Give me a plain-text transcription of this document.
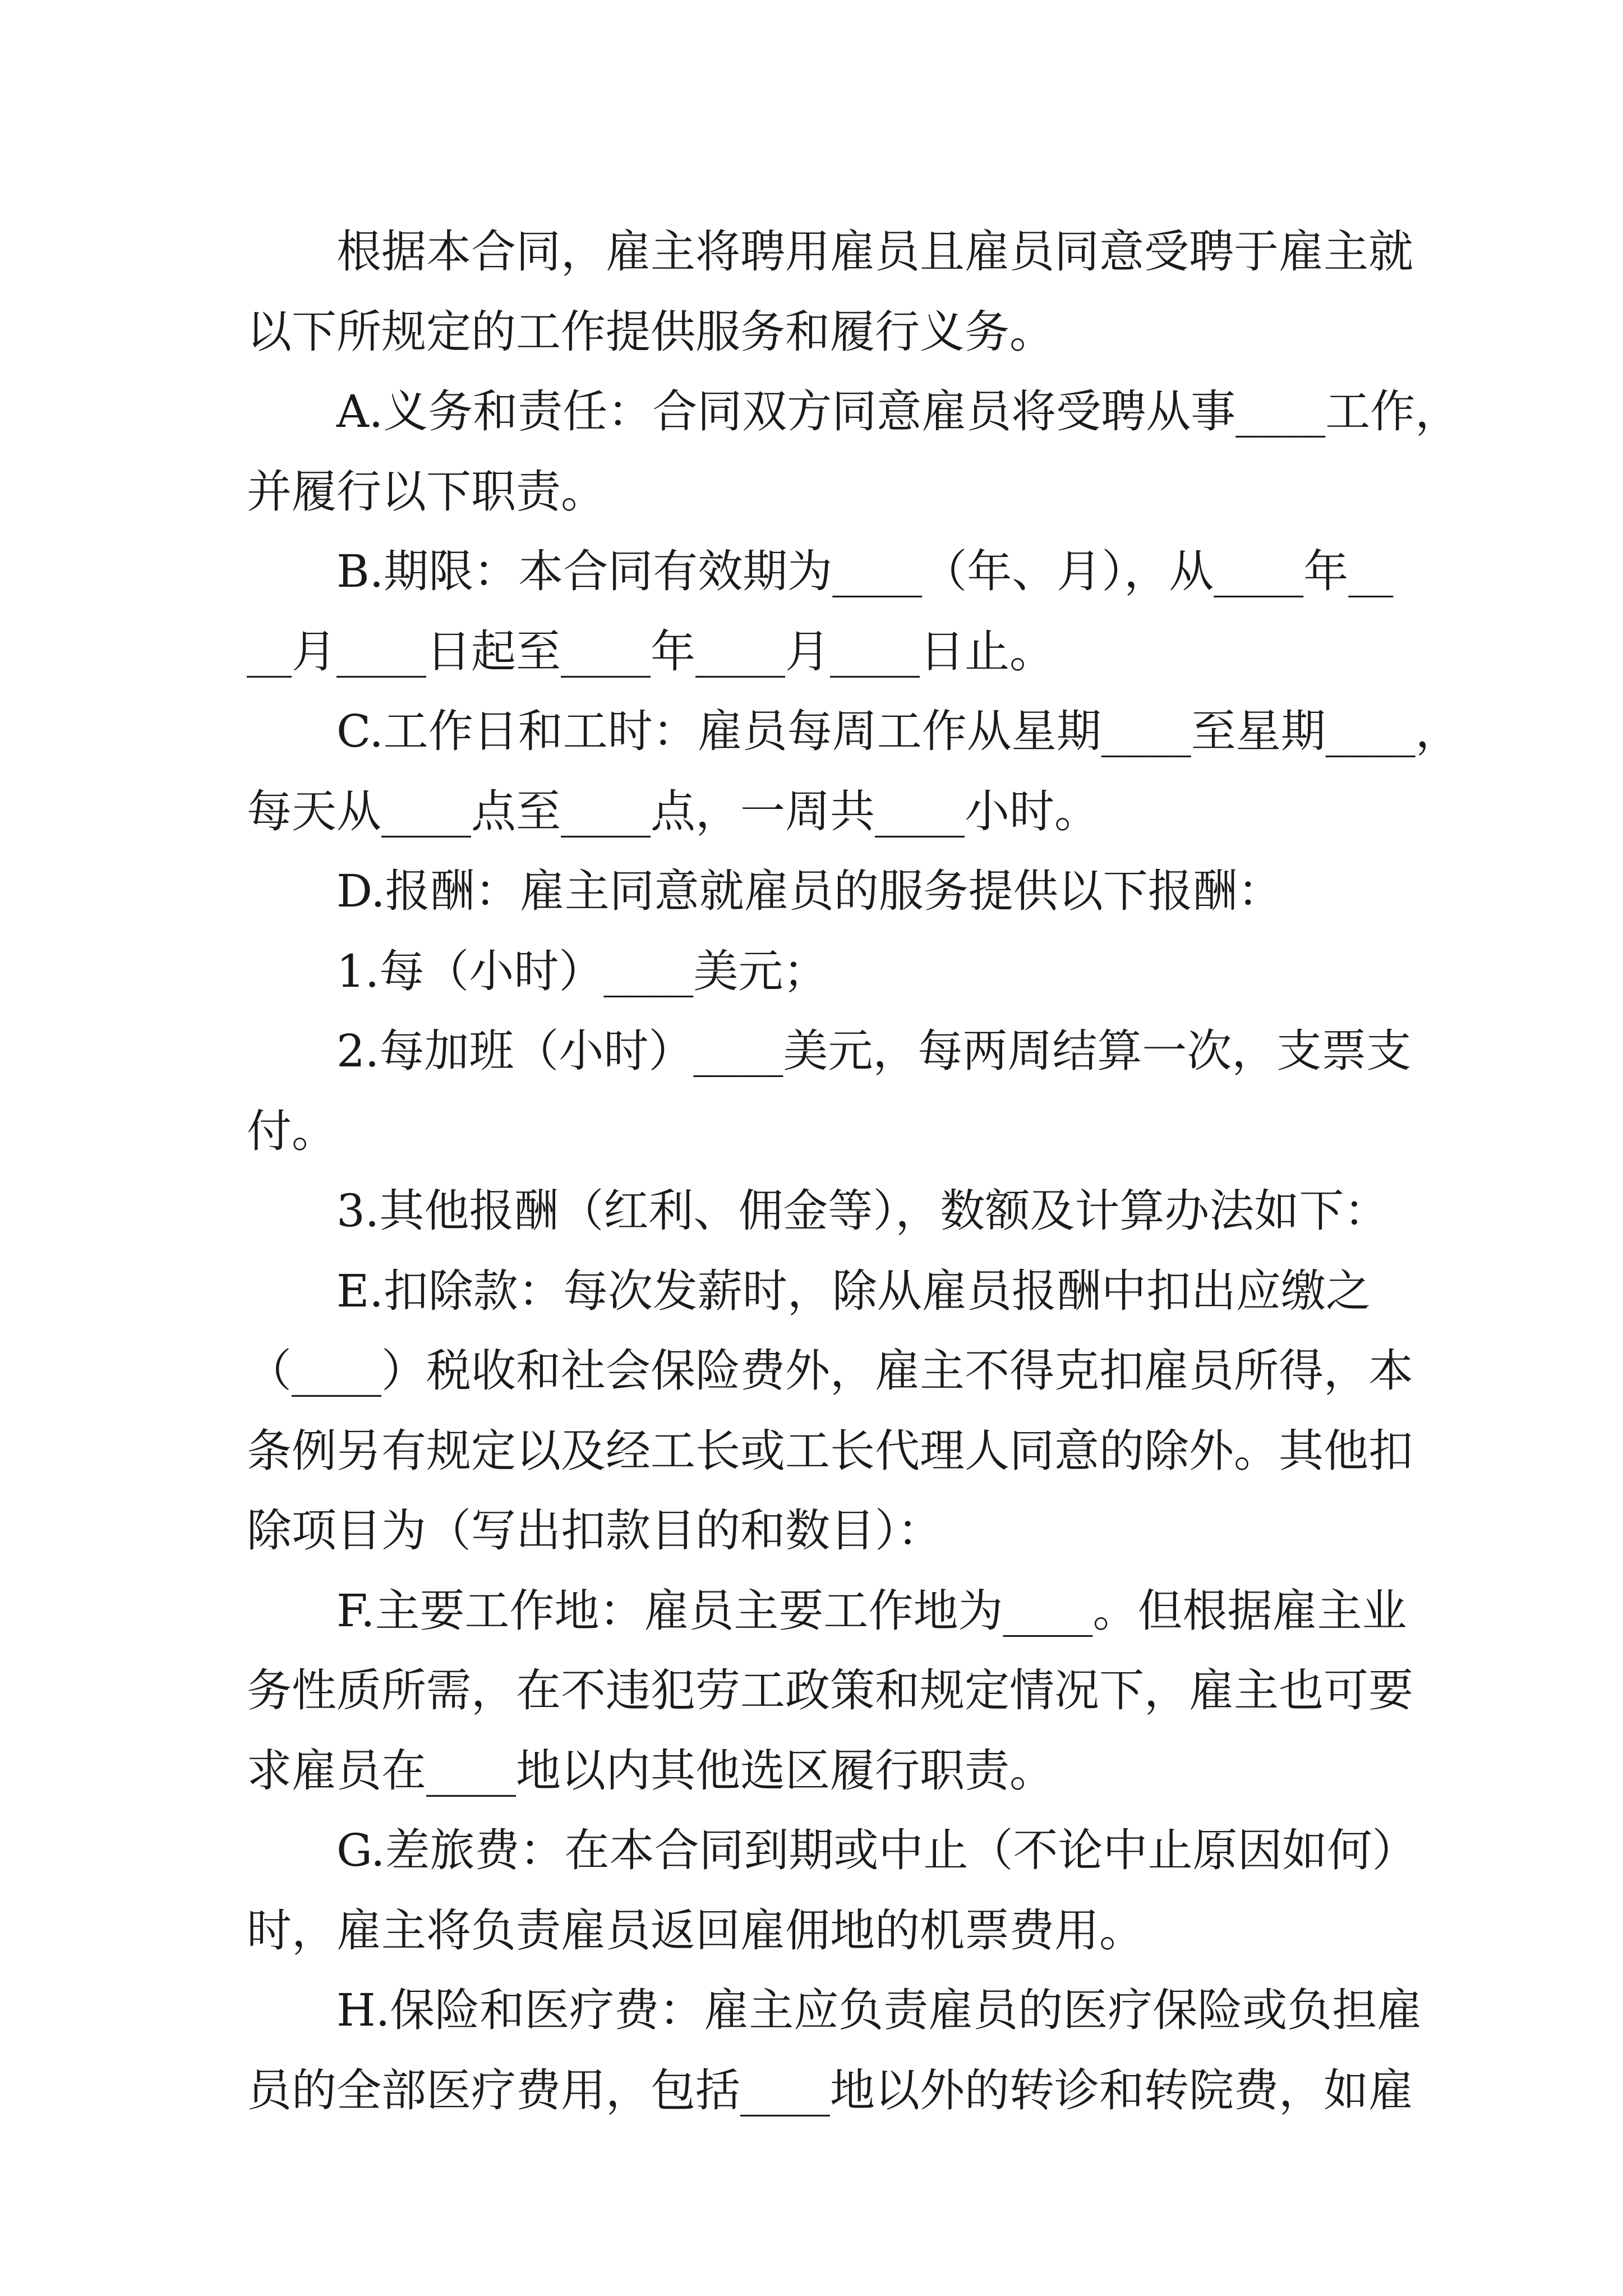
根据本合同，雇主将聘用雇员且雇员同意受聘于雇主就
以下所规定的工作提供服务和履行义务。
A.义务和责任：合同双方同意雇员将受聘从事____工作，
并履行以下职责。
B.期限：本合同有效期为____（年、月），从____年__
__月____日起至____年____月____日止。
C.工作日和工时：雇员每周工作从星期____至星期____，
每天从____点至____点，一周共____小时。
D.报酬：雇主同意就雇员的服务提供以下报酬：
1.每（小时）____美元；
2.每加班（小时）____美元，每两周结算一次，支票支
付。
3.其他报酬（红利、佣金等），数额及计算办法如下：
E.扣除款：每次发薪时，除从雇员报酬中扣出应缴之
（____）税收和社会保险费外，雇主不得克扣雇员所得，本
条例另有规定以及经工长或工长代理人同意的除外。其他扣
除项目为（写出扣款目的和数目）：
F.主要工作地：雇员主要工作地为____。但根据雇主业
务性质所需，在不违犯劳工政策和规定情况下，雇主也可要
求雇员在____地以内其他选区履行职责。
G.差旅费：在本合同到期或中止（不论中止原因如何）
时，雇主将负责雇员返回雇佣地的机票费用。
H.保险和医疗费：雇主应负责雇员的医疗保险或负担雇
员的全部医疗费用，包括____地以外的转诊和转院费，如雇
